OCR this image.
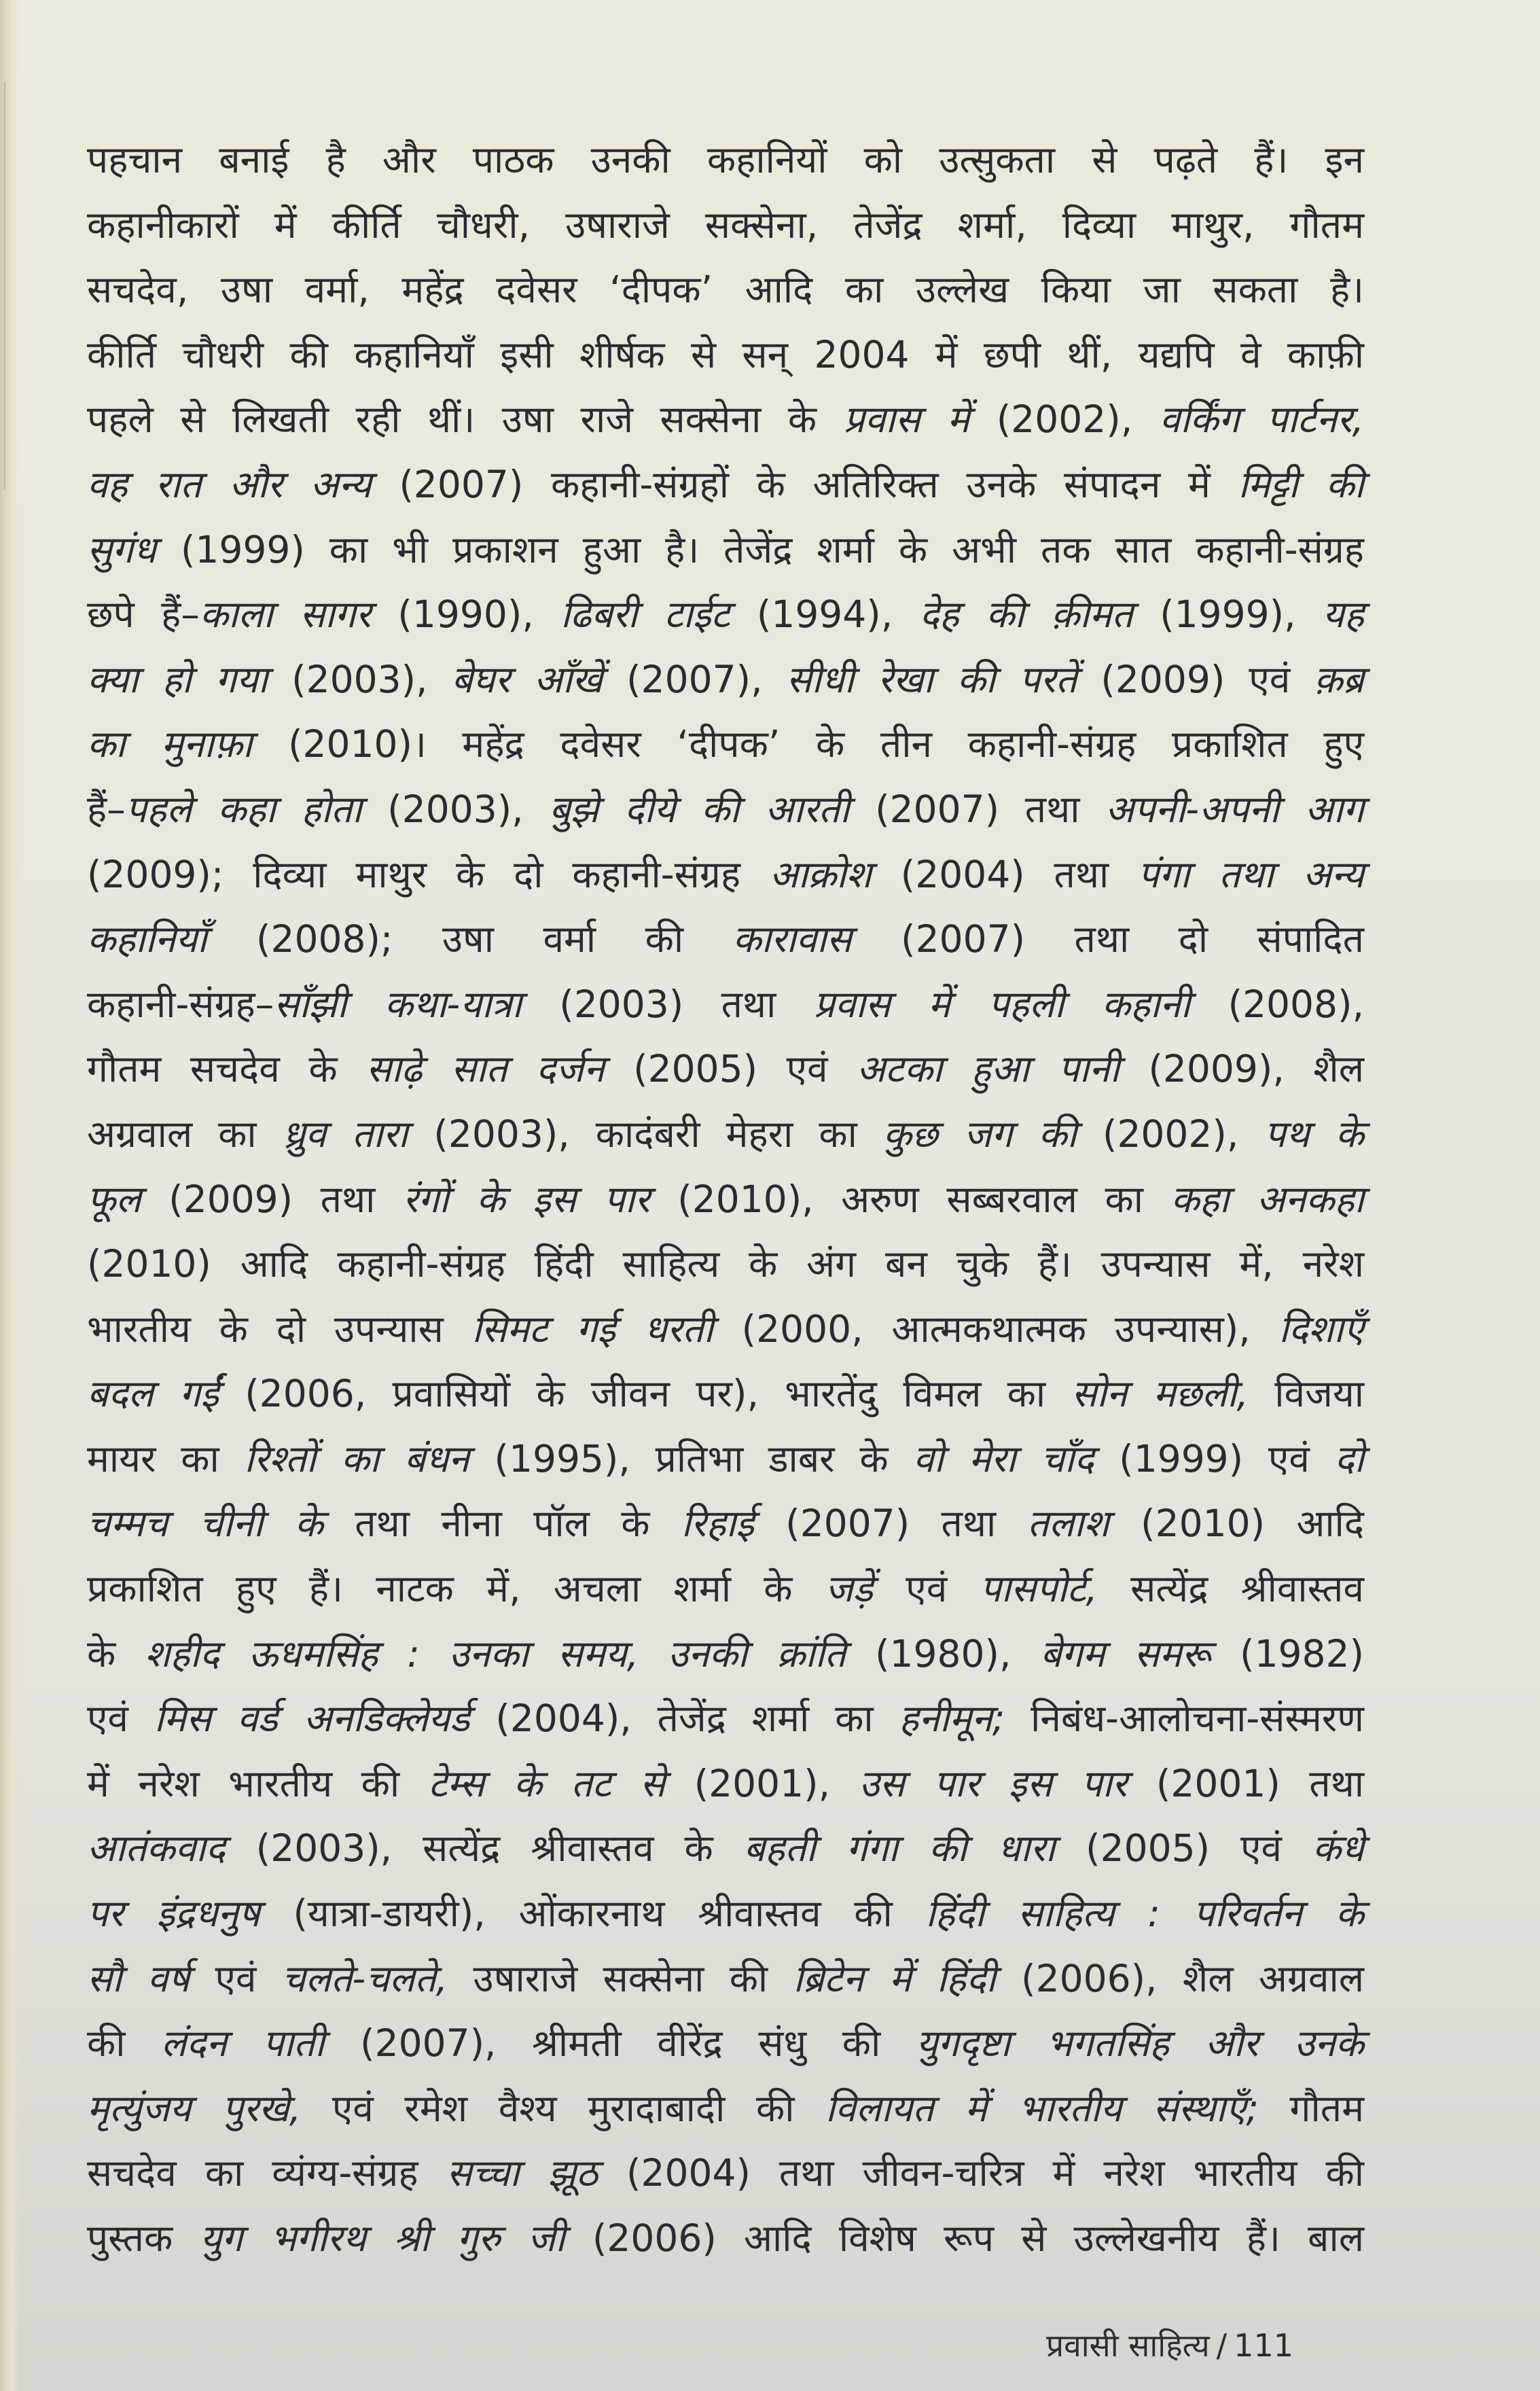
पहचान बनाई है और पाठक उनकी कहानियों को उत्सुकता से पढ़ते हैं। इन
कहानीकारों में कीर्ति चौधरी, उषाराजे सक्सेना, तेजेंद्र शर्मा, दिव्या माथुर, गौतम
सचदेव, उषा वर्मा, महेंद्र दवेसर ‘दीपक’ आदि का उल्लेख किया जा सकता है।
कीर्ति चौधरी की कहानियाँ इसी शीर्षक से सन् 2004 में छपी थीं, यद्यपि वे काफ़ी
पहले से लिखती रही थीं। उषा राजे सक्सेना के प्रवास में (2002), वर्किंग पार्टनर,
वह रात और अन्य (2007) कहानी-संग्रहों के अतिरिक्त उनके संपादन में मिट्टी की
सुगंध (1999) का भी प्रकाशन हुआ है। तेजेंद्र शर्मा के अभी तक सात कहानी-संग्रह
छपे हैं–काला सागर (1990), ढिबरी टाईट (1994), देह की क़ीमत (1999), यह
क्या हो गया (2003), बेघर आँखें (2007), सीधी रेखा की परतें (2009) एवं क़ब्र
का मुनाफ़ा (2010)। महेंद्र दवेसर ‘दीपक’ के तीन कहानी-संग्रह प्रकाशित हुए
हैं–पहले कहा होता (2003), बुझे दीये की आरती (2007) तथा अपनी-अपनी आग
(2009); दिव्या माथुर के दो कहानी-संग्रह आक्रोश (2004) तथा पंगा तथा अन्य
कहानियाँ (2008); उषा वर्मा की कारावास (2007) तथा दो संपादित
कहानी-संग्रह–साँझी कथा-यात्रा (2003) तथा प्रवास में पहली कहानी (2008),
गौतम सचदेव के साढ़े सात दर्जन (2005) एवं अटका हुआ पानी (2009), शैल
अग्रवाल का ध्रुव तारा (2003), कादंबरी मेहरा का कुछ जग की (2002), पथ के
फूल (2009) तथा रंगों के इस पार (2010), अरुण सब्बरवाल का कहा अनकहा
(2010) आदि कहानी-संग्रह हिंदी साहित्य के अंग बन चुके हैं। उपन्यास में, नरेश
भारतीय के दो उपन्यास सिमट गई धरती (2000, आत्मकथात्मक उपन्यास), दिशाएँ
बदल गईं (2006, प्रवासियों के जीवन पर), भारतेंदु विमल का सोन मछली, विजया
मायर का रिश्तों का बंधन (1995), प्रतिभा डाबर के वो मेरा चाँद (1999) एवं दो
चम्मच चीनी के तथा नीना पॉल के रिहाई (2007) तथा तलाश (2010) आदि
प्रकाशित हुए हैं। नाटक में, अचला शर्मा के जड़ें एवं पासपोर्ट, सत्येंद्र श्रीवास्तव
के शहीद ऊधमसिंह : उनका समय, उनकी क्रांति (1980), बेगम समरू (1982)
एवं मिस वर्ड अनडिक्लेयर्ड (2004), तेजेंद्र शर्मा का हनीमून; निबंध-आलोचना-संस्मरण
में नरेश भारतीय की टेम्स के तट से (2001), उस पार इस पार (2001) तथा
आतंकवाद (2003), सत्येंद्र श्रीवास्तव के बहती गंगा की धारा (2005) एवं कंधे
पर इंद्रधनुष (यात्रा-डायरी), ओंकारनाथ श्रीवास्तव की हिंदी साहित्य : परिवर्तन के
सौ वर्ष एवं चलते-चलते, उषाराजे सक्सेना की ब्रिटेन में हिंदी (2006), शैल अग्रवाल
की लंदन पाती (2007), श्रीमती वीरेंद्र संधु की युगदृष्टा भगतसिंह और उनके
मृत्युंजय पुरखे, एवं रमेश वैश्य मुरादाबादी की विलायत में भारतीय संस्थाएँ; गौतम
सचदेव का व्यंग्य-संग्रह सच्चा झूठ (2004) तथा जीवन-चरित्र में नरेश भारतीय की
पुस्तक युग भगीरथ श्री गुरु जी (2006) आदि विशेष रूप से उल्लेखनीय हैं। बाल
प्रवासी साहित्य / 111
